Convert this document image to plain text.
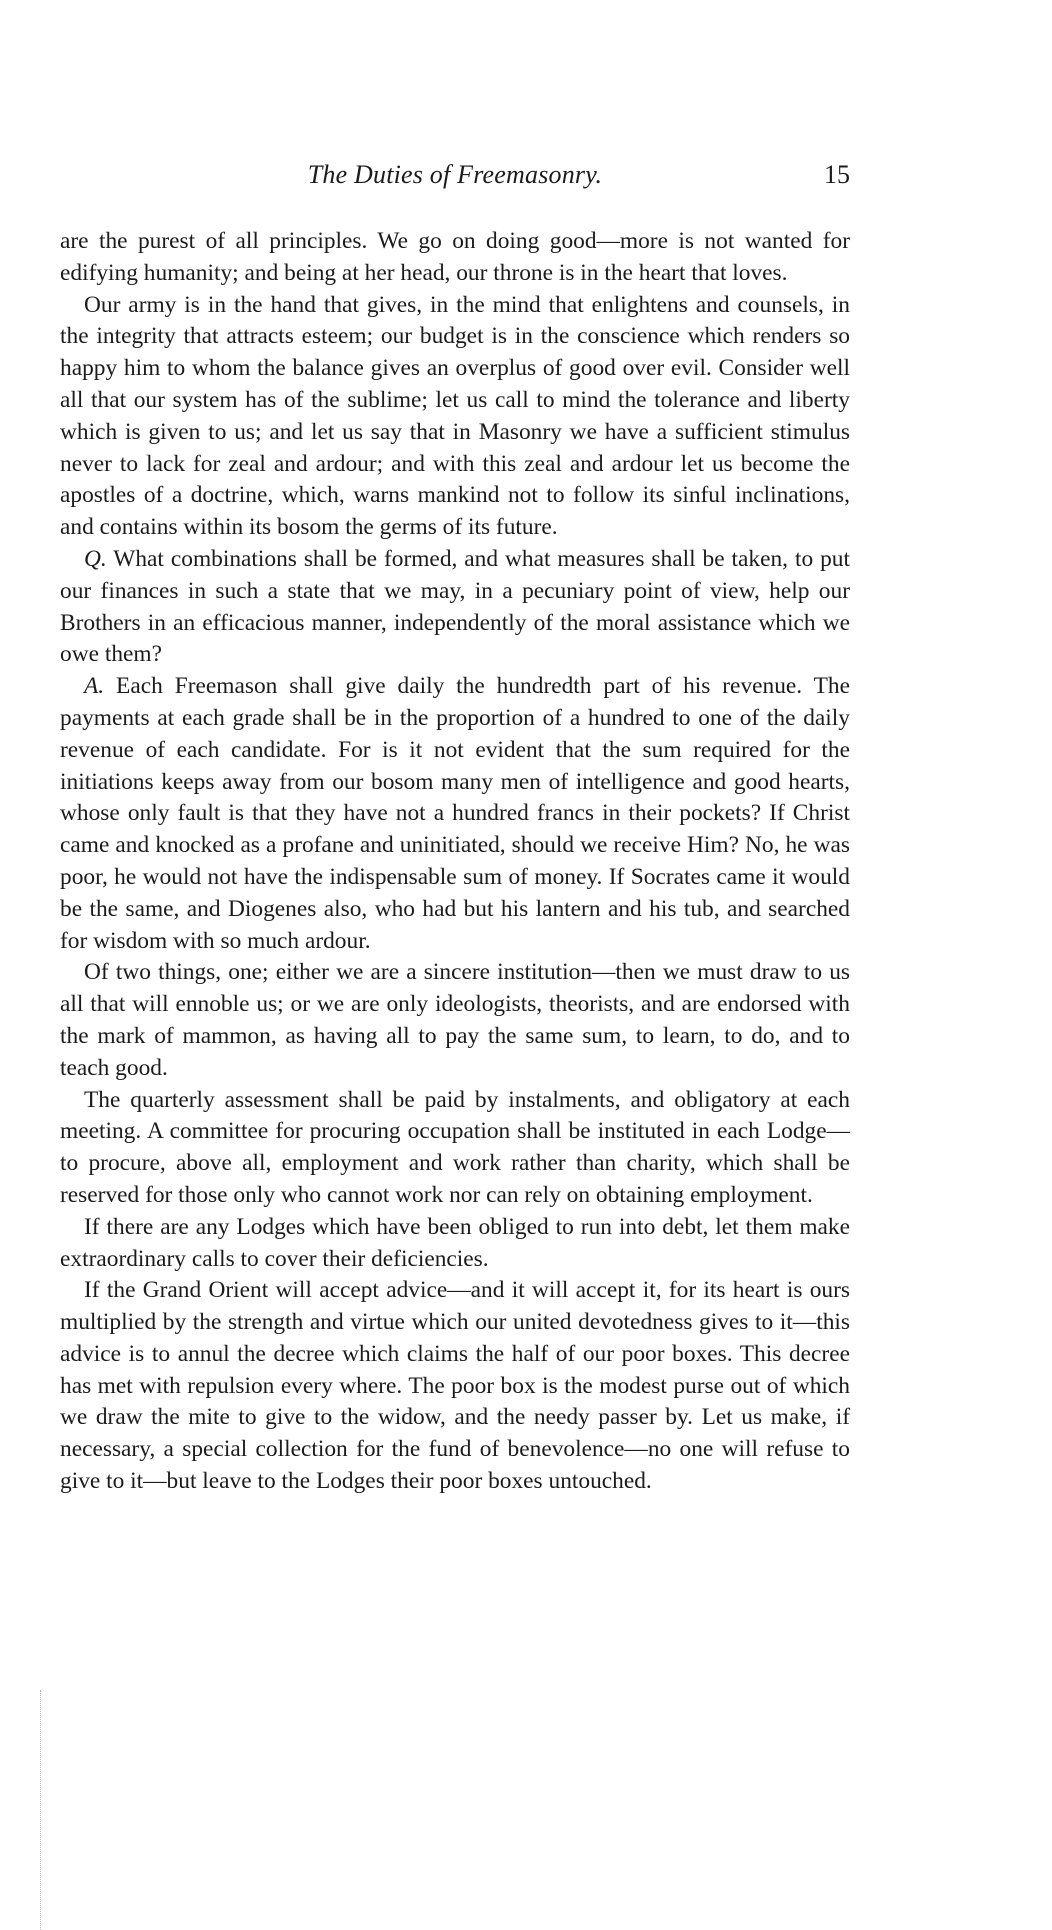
The Duties of Freemasonry.	15

are the purest of all principles. We go on doing good—more is not wanted for edifying humanity; and being at her head, our throne is in the heart that loves.

Our army is in the hand that gives, in the mind that enlightens and counsels, in the integrity that attracts esteem; our budget is in the conscience which renders so happy him to whom the balance gives an overplus of good over evil. Consider well all that our system has of the sublime; let us call to mind the tolerance and liberty which is given to us; and let us say that in Masonry we have a sufficient stimulus never to lack for zeal and ardour; and with this zeal and ardour let us become the apostles of a doctrine, which, warns mankind not to follow its sinful inclinations, and contains within its bosom the germs of its future.

Q. What combinations shall be formed, and what measures shall be taken, to put our finances in such a state that we may, in a pecuniary point of view, help our Brothers in an efficacious manner, independently of the moral assistance which we owe them?

A. Each Freemason shall give daily the hundredth part of his revenue. The payments at each grade shall be in the proportion of a hundred to one of the daily revenue of each candidate. For is it not evident that the sum required for the initiations keeps away from our bosom many men of intelligence and good hearts, whose only fault is that they have not a hundred francs in their pockets? If Christ came and knocked as a profane and uninitiated, should we receive Him? No, he was poor, he would not have the indispensable sum of money. If Socrates came it would be the same, and Diogenes also, who had but his lantern and his tub, and searched for wisdom with so much ardour.

Of two things, one; either we are a sincere institution—then we must draw to us all that will ennoble us; or we are only ideologists, theorists, and are endorsed with the mark of mammon, as having all to pay the same sum, to learn, to do, and to teach good.

The quarterly assessment shall be paid by instalments, and obligatory at each meeting. A committee for procuring occupation shall be instituted in each Lodge—to procure, above all, employment and work rather than charity, which shall be reserved for those only who cannot work nor can rely on obtaining employment.

If there are any Lodges which have been obliged to run into debt, let them make extraordinary calls to cover their deficiencies.

If the Grand Orient will accept advice—and it will accept it, for its heart is ours multiplied by the strength and virtue which our united devotedness gives to it—this advice is to annul the decree which claims the half of our poor boxes. This decree has met with repulsion every where. The poor box is the modest purse out of which we draw the mite to give to the widow, and the needy passer by. Let us make, if necessary, a special collection for the fund of benevolence—no one will refuse to give to it—but leave to the Lodges their poor boxes untouched.
